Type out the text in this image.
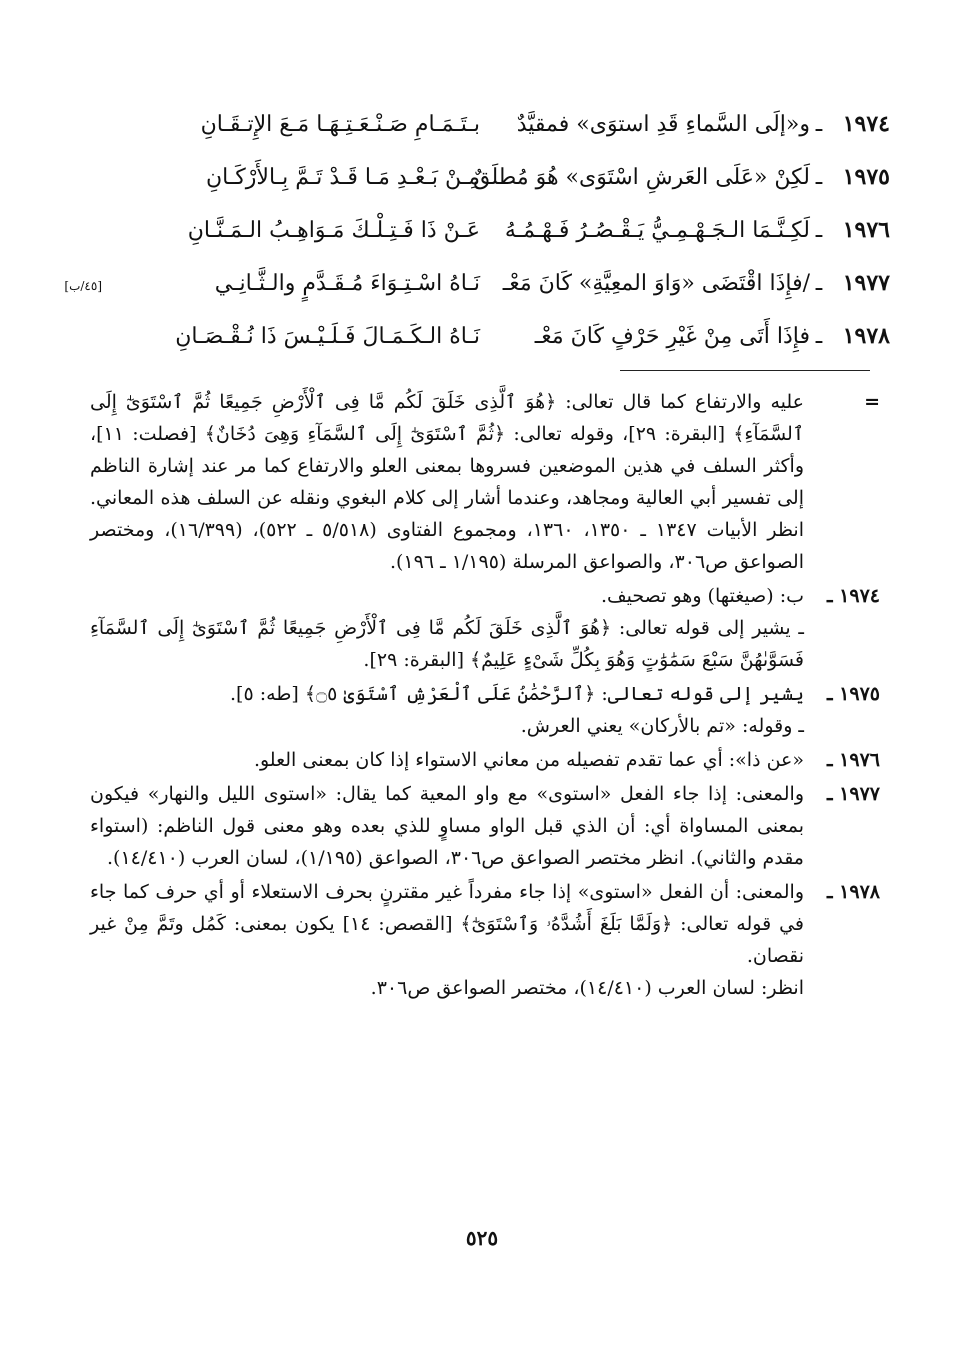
١٩٧٤
ـ
و«إلَى السَّماءِ قَدِ استوَى» فمقيَّدٌ
بـتَـمَـامِ صَـنْـعَـتِـهَـا مَـعَ الإِتـقَـانِ
١٩٧٥
ـ
لَكِنْ «عَلَى العَرشِ اسْتَوَى» هُوَ مُطلَقٌ
مِـنْ بَـعْـدِ مَـا قَـدْ تَـمَّ بِـالأَرْكَـانِ
١٩٧٦
ـ
لَكِـنَّـمَا الـجَـهْـمِـيُّ يَـقْـصُـرُ فَـهْـمُـهُ
عَـنْ ذَا فَـتِـلْـكَ مَـوَاهِـبُ الـمَـنَّـانِ
١٩٧٧
ـ
/فإِذَا اقْتَضَى «وَاوَ المعِيَّةِ» كَانَ مَعْـ
نَـاهُ اسْـتِـوَاءَ مُـقَـدَّمٍ والـثَّـانِـي
[٤٥/ب]
١٩٧٨
ـ
فإِذَا أَتَى مِنْ غَيْرِ حَرْفٍ كَانَ مَعْـ
نَـاهُ الـكَـمَـالَ فَـلَـيْـسَ ذَا نُـقْـصَـانِ
=
عليه والارتفاع كما قال تعالى: ﴿هُوَ ٱلَّذِى خَلَقَ لَكُم مَّا فِى ٱلْأَرْضِ جَمِيعًا ثُمَّ ٱسْتَوَىٰٓ إِلَى ٱلسَّمَآءِ﴾ [البقرة: ٢٩]، وقوله تعالى: ﴿ثُمَّ ٱسْتَوَىٰٓ إِلَى ٱلسَّمَآءِ وَهِىَ دُخَانٌ﴾ [فصلت: ١١]، وأكثر السلف في هذين الموضعين فسروها بمعنى العلو والارتفاع كما مر عند إشارة الناظم إلى تفسير أبي العالية ومجاهد، وعندما أشار إلى كلام البغوي ونقله عن السلف هذه المعاني. انظر الأبيات ١٣٤٧ ـ ١٣٥٠، ١٣٦٠، ومجموع الفتاوى (٥/٥١٨ ـ ٥٢٢)، (١٦/٣٩٩)، ومختصر الصواعق ص٣٠٦، والصواعق المرسلة (١/١٩٥ ـ ١٩٦).
١٩٧٤ ـ
ب: (صيغتها) وهو تصحيف.
ـ يشير إلى قوله تعالى: ﴿هُوَ ٱلَّذِى خَلَقَ لَكُم مَّا فِى ٱلْأَرْضِ جَمِيعًا ثُمَّ ٱسْتَوَىٰٓ إِلَى ٱلسَّمَآءِ فَسَوَّىٰهُنَّ سَبْعَ سَمَٰوَٰتٍ وَهُوَ بِكُلِّ شَىْءٍ عَلِيمٌ﴾ [البقرة: ٢٩].
١٩٧٥ ـ
يشير إلى قوله تعالى: ﴿ٱلرَّحْمَٰنُ عَلَى ٱلْعَرْشِ ٱسْتَوَىٰ ۝٥﴾ [طه: ٥].
ـ وقوله: «تم بالأركان» يعني العرش.
١٩٧٦ ـ
«عن ذا»: أي عما تقدم تفصيله من معاني الاستواء إذا كان بمعنى العلو.
١٩٧٧ ـ
والمعنى: إذا جاء الفعل «استوى» مع واو المعية كما يقال: «استوى الليل والنهار» فيكون بمعنى المساواة أي: أن الذي قبل الواو مساوٍ للذي بعده وهو معنى قول الناظم: (استواء مقدم والثاني). انظر مختصر الصواعق ص٣٠٦، الصواعق (١/١٩٥)، لسان العرب (١٤/٤١٠).
١٩٧٨ ـ
والمعنى: أن الفعل «استوى» إذا جاء مفرداً غير مقترنٍ بحرف الاستعلاء أو أي حرف كما جاء في قوله تعالى: ﴿وَلَمَّا بَلَغَ أَشُدَّهُۥ وَٱسْتَوَىٰٓ﴾ [القصص: ١٤] يكون بمعنى: كَمُل وتَمَّ مِنْ غير نقصان.
انظر: لسان العرب (١٤/٤١٠)، مختصر الصواعق ص٣٠٦.
٥٢٥
